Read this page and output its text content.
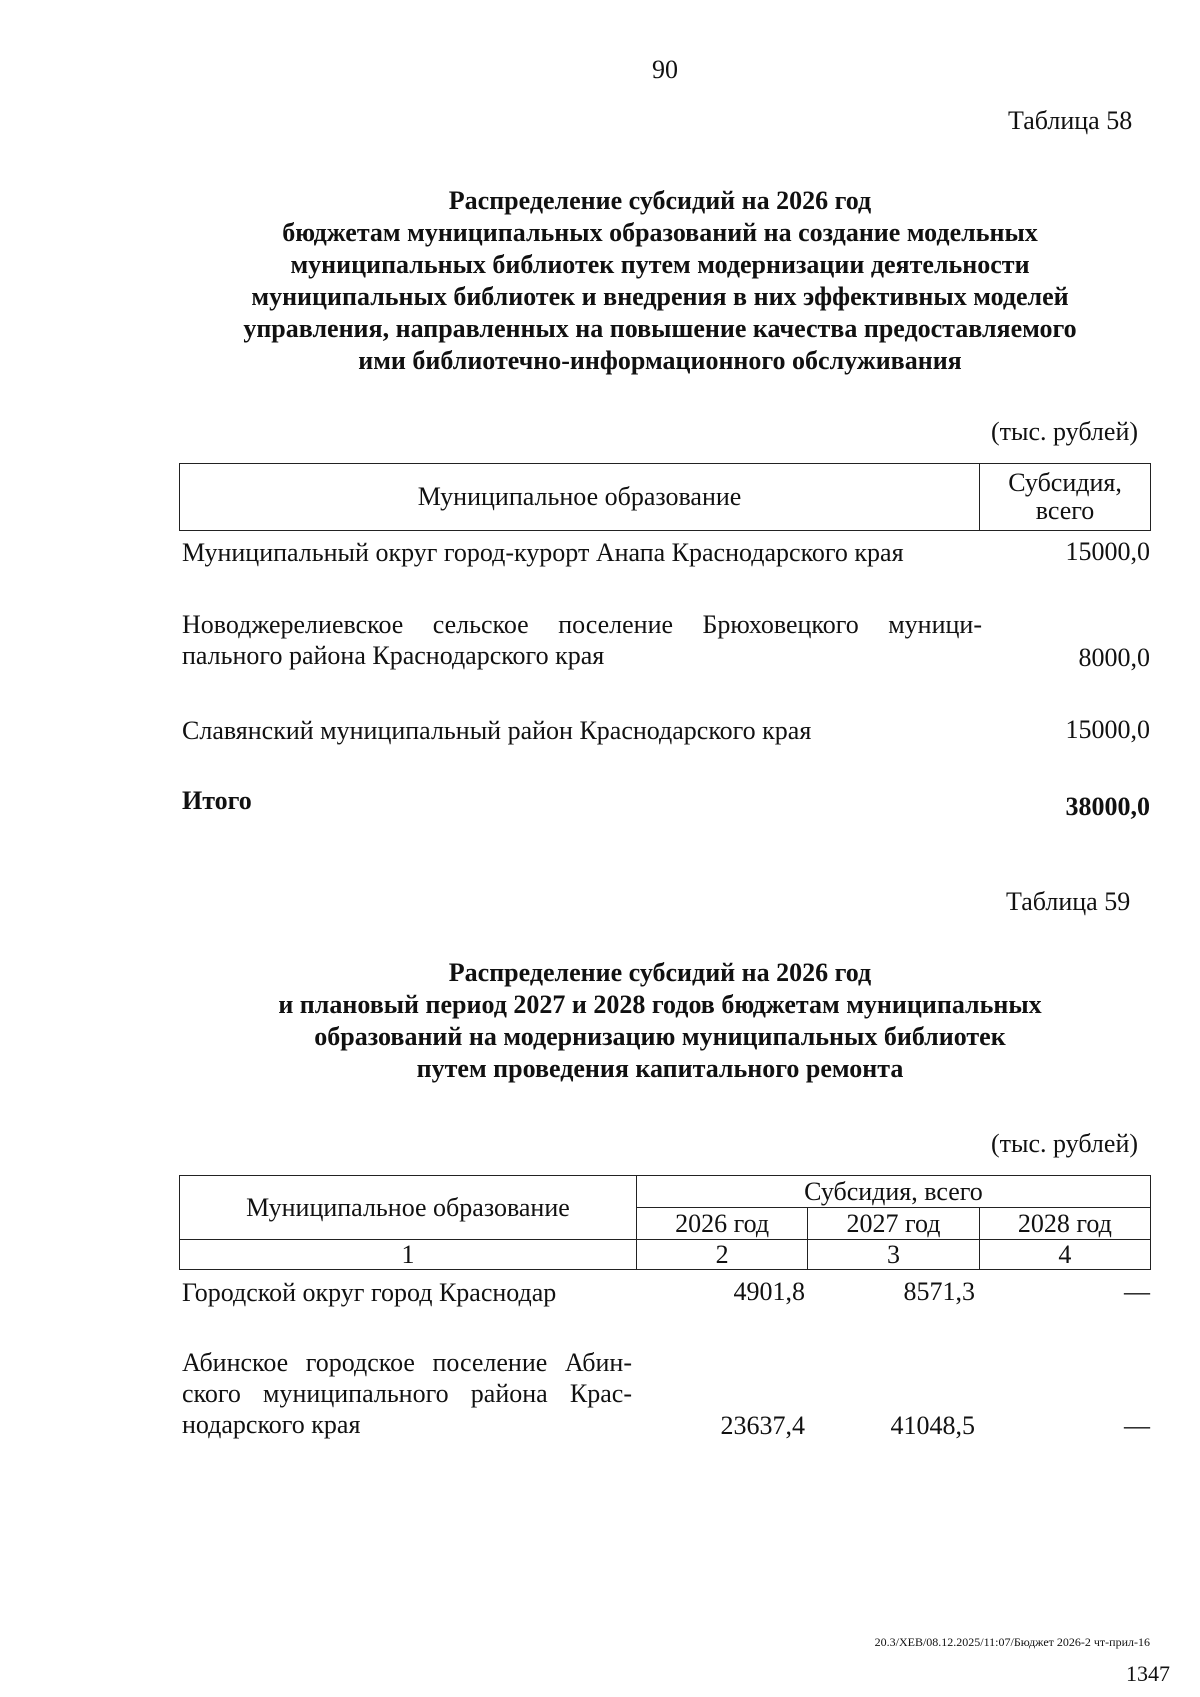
90
Таблица 58
Распределение субсидий на 2026 год
бюджетам муниципальных образований на создание модельных
муниципальных библиотек путем модернизации деятельности
муниципальных библиотек и внедрения в них эффективных моделей
управления, направленных на повышение качества предоставляемого
ими библиотечно-информационного обслуживания
(тыс. рублей)
Муниципальное образование	Субсидия,
всего
Муниципальный округ город-курорт Анапа Краснодарского края	15000,0
Новоджерелиевское сельское поселение Брюховецкого муници-
пального района Краснодарского края	8000,0
Славянский муниципальный район Краснодарского края	15000,0
Итого	38000,0
Таблица 59
Распределение субсидий на 2026 год
и плановый период 2027 и 2028 годов бюджетам муниципальных
образований на модернизацию муниципальных библиотек
путем проведения капитального ремонта
(тыс. рублей)
Муниципальное образование	Субсидия, всего		
	2026 год	2027 год	2028 год
1	2	3	4
Городской округ город Краснодар	4901,8	8571,3	—
Абинское городское поселение Абин-
ского муниципального района Крас-
нодарского края	23637,4	41048,5	—
20.3/ХЕВ/08.12.2025/11:07/Бюджет 2026-2 чт-прил-16
1347
